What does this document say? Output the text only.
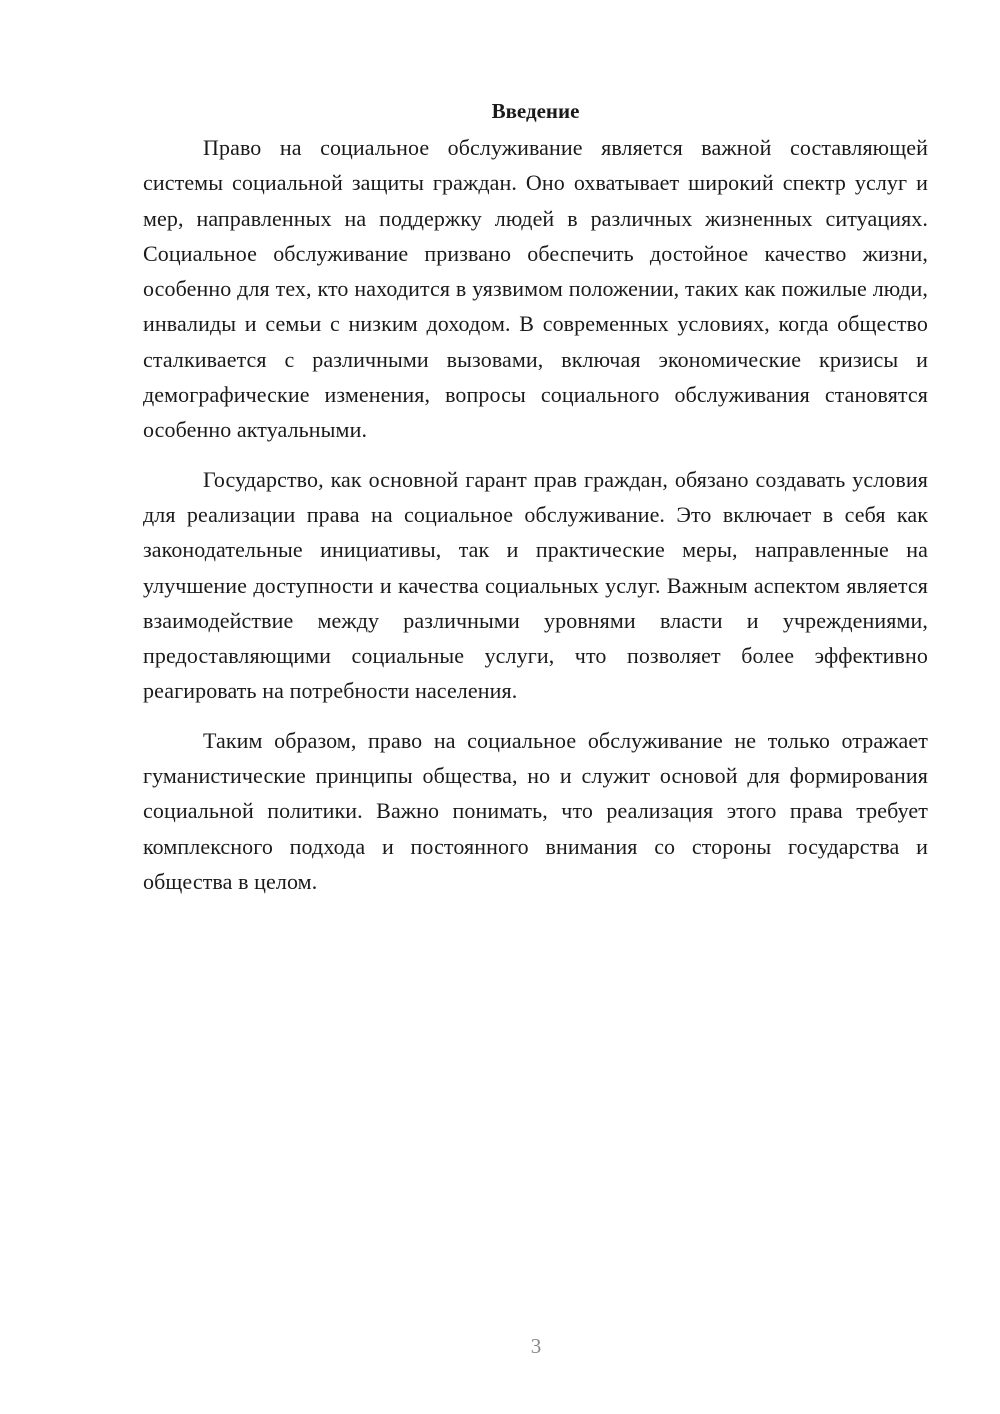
Введение

Право на социальное обслуживание является важной составляющей системы социальной защиты граждан. Оно охватывает широкий спектр услуг и мер, направленных на поддержку людей в различных жизненных ситуациях. Социальное обслуживание призвано обеспечить достойное качество жизни, особенно для тех, кто находится в уязвимом положении, таких как пожилые люди, инвалиды и семьи с низким доходом. В современных условиях, когда общество сталкивается с различными вызовами, включая экономические кризисы и демографические изменения, вопросы социального обслуживания становятся особенно актуальными.

Государство, как основной гарант прав граждан, обязано создавать условия для реализации права на социальное обслуживание. Это включает в себя как законодательные инициативы, так и практические меры, направленные на улучшение доступности и качества социальных услуг. Важным аспектом является взаимодействие между различными уровнями власти и учреждениями, предоставляющими социальные услуги, что позволяет более эффективно реагировать на потребности населения.

Таким образом, право на социальное обслуживание не только отражает гуманистические принципы общества, но и служит основой для формирования социальной политики. Важно понимать, что реализация этого права требует комплексного подхода и постоянного внимания со стороны государства и общества в целом.

3
